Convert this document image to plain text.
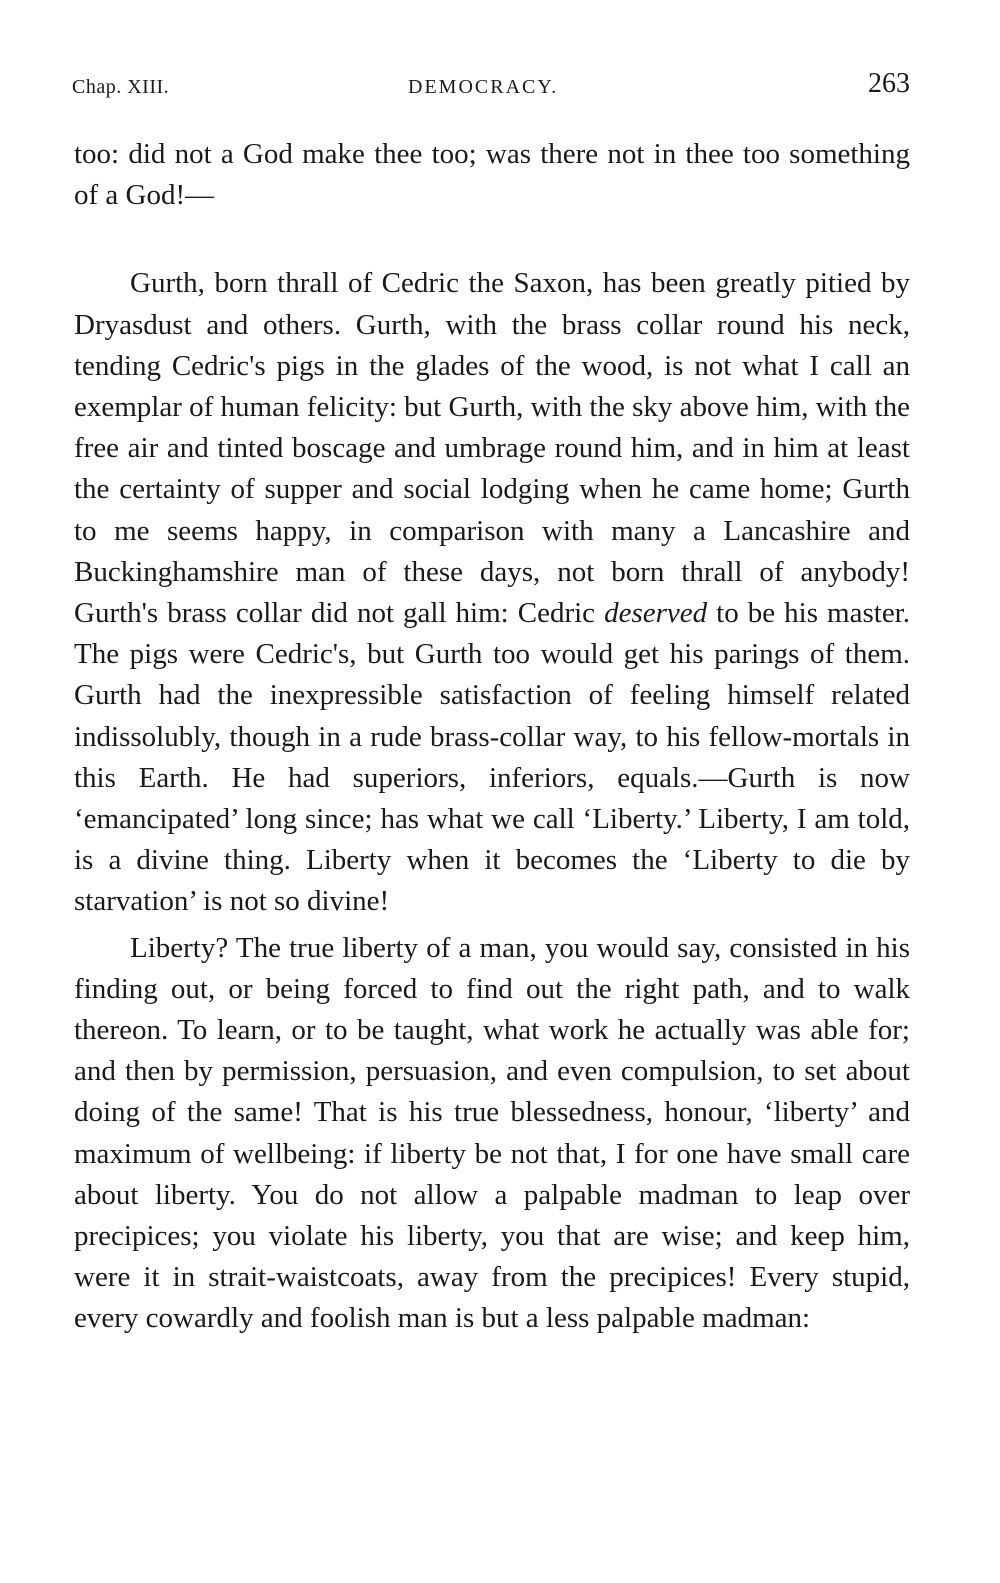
Chap. XIII.	DEMOCRACY.	263

too: did not a God make thee too; was there not in thee too something of a God!—

Gurth, born thrall of Cedric the Saxon, has been greatly pitied by Dryasdust and others. Gurth, with the brass collar round his neck, tending Cedric's pigs in the glades of the wood, is not what I call an exemplar of human felicity: but Gurth, with the sky above him, with the free air and tinted boscage and umbrage round him, and in him at least the certainty of supper and social lodging when he came home; Gurth to me seems happy, in comparison with many a Lancashire and Buckinghamshire man of these days, not born thrall of anybody! Gurth's brass collar did not gall him: Cedric deserved to be his master. The pigs were Cedric's, but Gurth too would get his parings of them. Gurth had the inexpressible satisfaction of feeling himself related indissolubly, though in a rude brass-collar way, to his fellow-mortals in this Earth. He had superiors, inferiors, equals.—Gurth is now ‘emancipated’ long since; has what we call ‘Liberty.’ Liberty, I am told, is a divine thing. Liberty when it becomes the ‘Liberty to die by starvation’ is not so divine!

Liberty? The true liberty of a man, you would say, consisted in his finding out, or being forced to find out the right path, and to walk thereon. To learn, or to be taught, what work he actually was able for; and then by permission, persuasion, and even compulsion, to set about doing of the same! That is his true blessedness, honour, ‘liberty’ and maximum of wellbeing: if liberty be not that, I for one have small care about liberty. You do not allow a palpable madman to leap over precipices; you violate his liberty, you that are wise; and keep him, were it in strait-waistcoats, away from the precipices! Every stupid, every cowardly and foolish man is but a less palpable madman:
